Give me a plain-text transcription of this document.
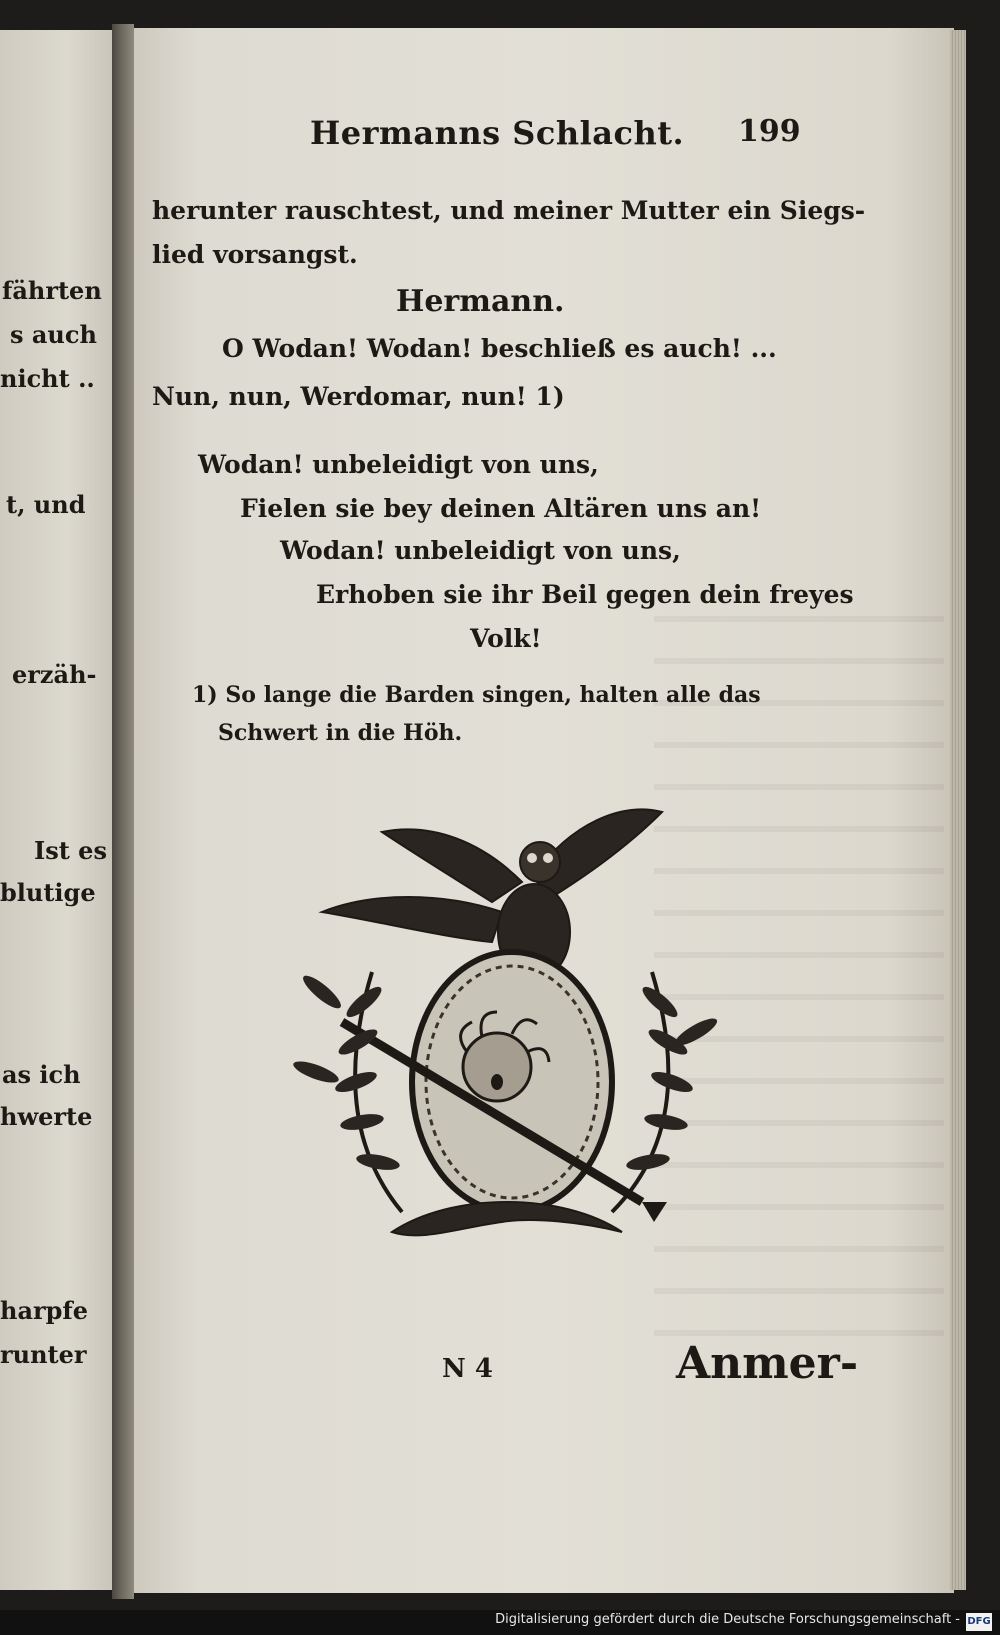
fährten
s auch
nicht ..
t, und
erzäh-
Ist es
blutige
as ich
hwerte
harpfe
runter

Hermanns Schlacht. 199
herunter rauschtest, und meiner Mutter ein Siegs-
lied vorsangst.
Hermann.
O Wodan! Wodan! beschließ es auch! ...
Nun, nun, Werdomar, nun! 1)
Wodan! unbeleidigt von uns,
Fielen sie bey deinen Altären uns an!
Wodan! unbeleidigt von uns,
Erhoben sie ihr Beil gegen dein freyes
Volk!
1) So lange die Barden singen, halten alle das
Schwert in die Höh.
N 4	Anmer-
Digitalisierung gefördert durch die Deutsche Forschungsgemeinschaft - DFG
